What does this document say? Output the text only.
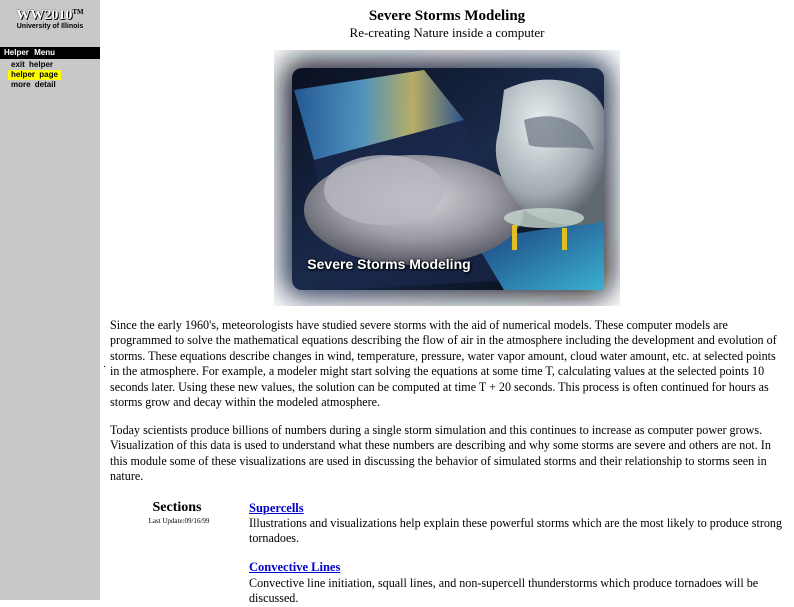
WW2010™
University of Illinois
Helper Menu
exit helper
helper page
more detail
Severe Storms Modeling
Re-creating Nature inside a computer
Severe Storms Modeling

Since the early 1960's, meteorologists have studied severe storms with the aid of numerical models. These computer models are programmed to solve the mathematical equations describing the flow of air in the atmosphere including the development and evolution of storms. These equations describe changes in wind, temperature, pressure, water vapor amount, cloud water amount, etc. at selected points in the atmosphere. For example, a modeler might start solving the equations at some time T, calculating values at the selected points 10 seconds later. Using these new values, the solution can be computed at time T + 20 seconds. This process is often continued for hours as storms grow and decay within the modeled atmosphere.

·

Today scientists produce billions of numbers during a single storm simulation and this continues to increase as computer power grows. Visualization of this data is used to understand what these numbers are describing and why some storms are severe and others are not. In this module some of these visualizations are used in discussing the behavior of simulated storms and their relationship to storms seen in nature.

Sections
Last Update:09/16/99
Supercells

Illustrations and visualizations help explain these powerful storms which are the most likely to produce strong tornadoes.

Convective Lines

Convective line initiation, squall lines, and non-supercell thunderstorms which produce tornadoes will be discussed.
